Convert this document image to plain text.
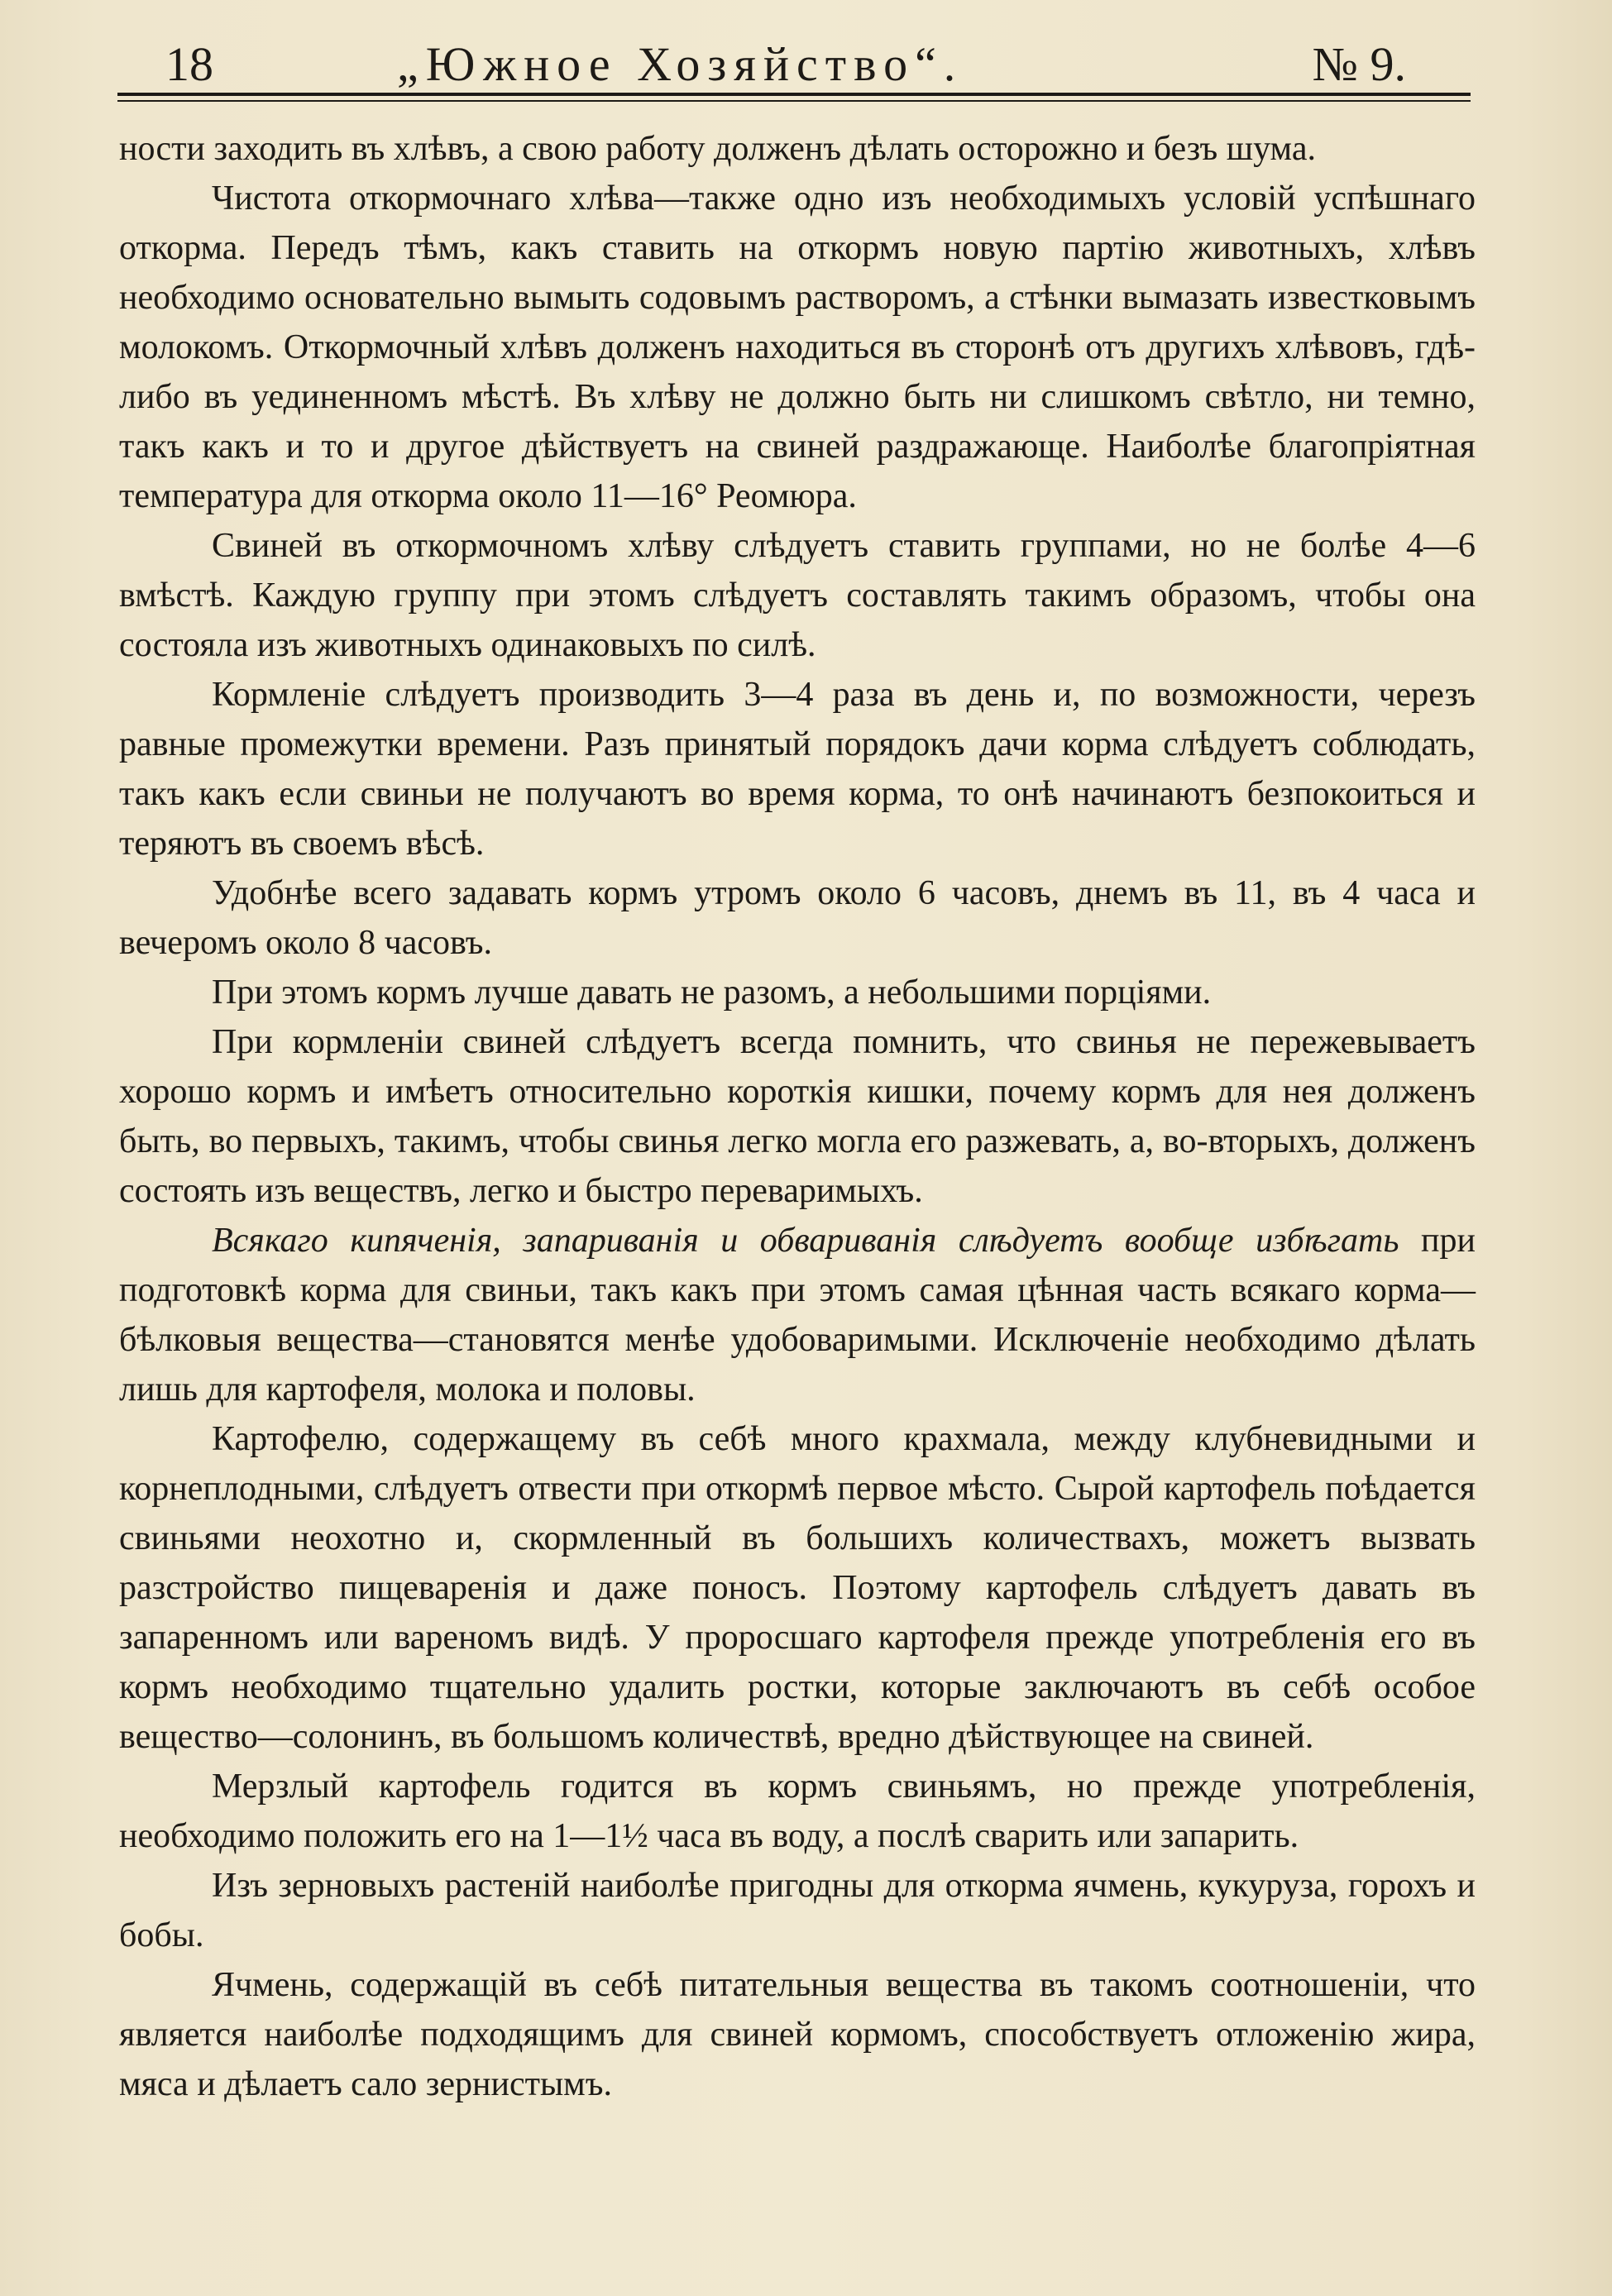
18	„Южное Хозяйство“.	№ 9.

ности заходить въ хлѣвъ, а свою работу долженъ дѣлать осторожно и безъ шума.

Чистота откормочнаго хлѣва—также одно изъ необходимыхъ условій успѣшнаго откорма. Передъ тѣмъ, какъ ставить на откормъ новую партію животныхъ, хлѣвъ необходимо основательно вымыть содовымъ растворомъ, а стѣнки вымазать известковымъ молокомъ. Откормочный хлѣвъ долженъ находиться въ сторонѣ отъ другихъ хлѣвовъ, гдѣ-либо въ уединенномъ мѣстѣ. Въ хлѣву не должно быть ни слишкомъ свѣтло, ни темно, такъ какъ и то и другое дѣйствуетъ на свиней раздражающе. Наиболѣе благопріятная температура для откорма около 11—16° Реомюра.

Свиней въ откормочномъ хлѣву слѣдуетъ ставить группами, но не болѣе 4—6 вмѣстѣ. Каждую группу при этомъ слѣдуетъ составлять такимъ образомъ, чтобы она состояла изъ животныхъ одинаковыхъ по силѣ.

Кормленіе слѣдуетъ производить 3—4 раза въ день и, по возможности, черезъ равные промежутки времени. Разъ принятый порядокъ дачи корма слѣдуетъ соблюдать, такъ какъ если свиньи не получаютъ во время корма, то онѣ начинаютъ безпокоиться и теряютъ въ своемъ вѣсѣ.

Удобнѣе всего задавать кормъ утромъ около 6 часовъ, днемъ въ 11, въ 4 часа и вечеромъ около 8 часовъ.

При этомъ кормъ лучше давать не разомъ, а небольшими порціями.

При кормленіи свиней слѣдуетъ всегда помнить, что свинья не пережевываетъ хорошо кормъ и имѣетъ относительно короткія кишки, почему кормъ для нея долженъ быть, во первыхъ, такимъ, чтобы свинья легко могла его разжевать, а, во-вторыхъ, долженъ состоять изъ веществъ, легко и быстро переваримыхъ.

Всякаго кипяченія, запариванія и обвариванія слѣдуетъ вообще избѣгать при подготовкѣ корма для свиньи, такъ какъ при этомъ самая цѣнная часть всякаго корма—бѣлковыя вещества—становятся менѣе удобоваримыми. Исключеніе необходимо дѣлать лишь для картофеля, молока и половы.

Картофелю, содержащему въ себѣ много крахмала, между клубневидными и корнеплодными, слѣдуетъ отвести при откормѣ первое мѣсто. Сырой картофель поѣдается свиньями неохотно и, скормленный въ большихъ количествахъ, можетъ вызвать разстройство пищеваренія и даже поносъ. Поэтому картофель слѣдуетъ давать въ запаренномъ или вареномъ видѣ. У проросшаго картофеля прежде употребленія его въ кормъ необходимо тщательно удалить ростки, которые заключаютъ въ себѣ особое вещество—солонинъ, въ большомъ количествѣ, вредно дѣйствующее на свиней.

Мерзлый картофель годится въ кормъ свиньямъ, но прежде употребленія, необходимо положить его на 1—1½ часа въ воду, а послѣ сварить или запарить.

Изъ зерновыхъ растеній наиболѣе пригодны для откорма ячмень, кукуруза, горохъ и бобы.

Ячмень, содержащій въ себѣ питательныя вещества въ такомъ соотношеніи, что является наиболѣе подходящимъ для свиней кормомъ, способствуетъ отложенію жира, мяса и дѣлаетъ сало зернистымъ.
